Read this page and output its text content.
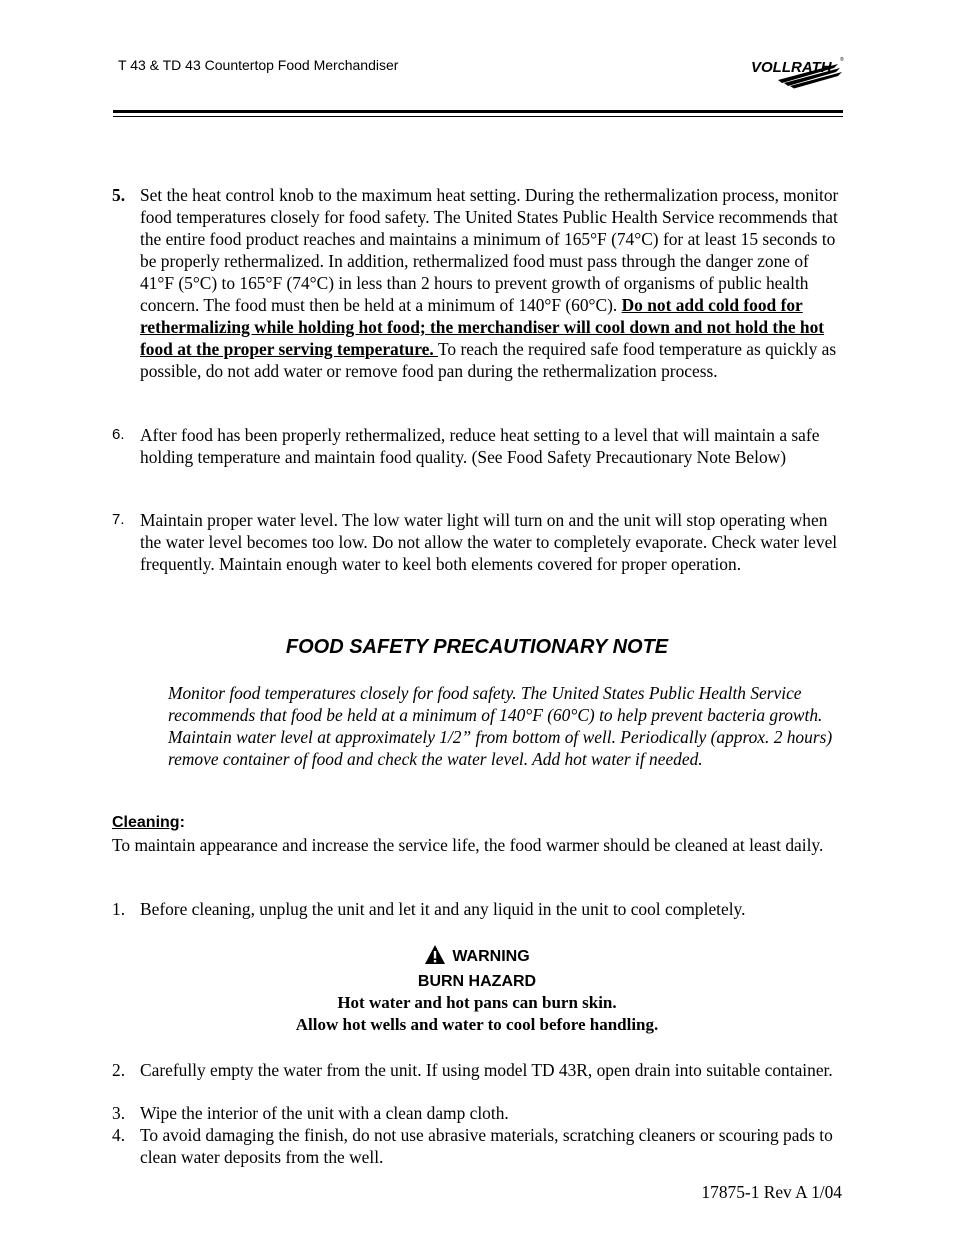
T 43 & TD 43 Countertop Food Merchandiser	VOLLRATH ®
5. Set the heat control knob to the maximum heat setting. During the rethermalization process, monitor food temperatures closely for food safety. The United States Public Health Service recommends that the entire food product reaches and maintains a minimum of 165°F (74°C) for at least 15 seconds to be properly rethermalized. In addition, rethermalized food must pass through the danger zone of 41°F (5°C) to 165°F (74°C) in less than 2 hours to prevent growth of organisms of public health concern. The food must then be held at a minimum of 140°F (60°C). Do not add cold food for rethermalizing while holding hot food; the merchandiser will cool down and not hold the hot food at the proper serving temperature. To reach the required safe food temperature as quickly as possible, do not add water or remove food pan during the rethermalization process.
6. After food has been properly rethermalized, reduce heat setting to a level that will maintain a safe holding temperature and maintain food quality. (See Food Safety Precautionary Note Below)
7. Maintain proper water level. The low water light will turn on and the unit will stop operating when the water level becomes too low. Do not allow the water to completely evaporate. Check water level frequently. Maintain enough water to keel both elements covered for proper operation.
FOOD SAFETY PRECAUTIONARY NOTE
Monitor food temperatures closely for food safety. The United States Public Health Service recommends that food be held at a minimum of 140°F (60°C) to help prevent bacteria growth. Maintain water level at approximately 1/2” from bottom of well. Periodically (approx. 2 hours) remove container of food and check the water level. Add hot water if needed.
Cleaning:
To maintain appearance and increase the service life, the food warmer should be cleaned at least daily.
1. Before cleaning, unplug the unit and let it and any liquid in the unit to cool completely.
WARNING
BURN HAZARD
Hot water and hot pans can burn skin.
Allow hot wells and water to cool before handling.
2. Carefully empty the water from the unit. If using model TD 43R, open drain into suitable container.
3. Wipe the interior of the unit with a clean damp cloth.
4. To avoid damaging the finish, do not use abrasive materials, scratching cleaners or scouring pads to clean water deposits from the well.
17875-1 Rev A 1/04
